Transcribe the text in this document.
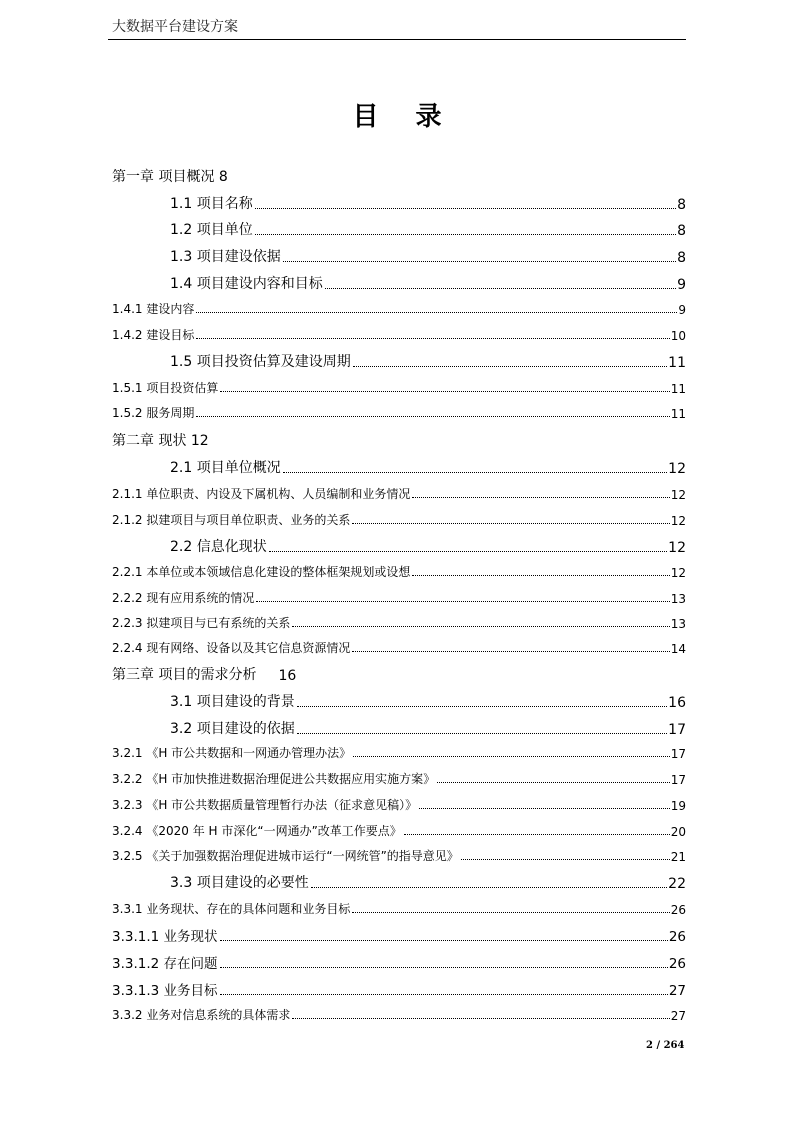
大数据平台建设方案
目 录
第一章 项目概况 8
1.1 项目名称	8
1.2 项目单位	8
1.3 项目建设依据	8
1.4 项目建设内容和目标	9
1.4.1 建设内容	9
1.4.2 建设目标	10
1.5 项目投资估算及建设周期	11
1.5.1 项目投资估算	11
1.5.2 服务周期	11
第二章 现状 12
2.1 项目单位概况	12
2.1.1 单位职责、内设及下属机构、人员编制和业务情况	12
2.1.2 拟建项目与项目单位职责、业务的关系	12
2.2 信息化现状	12
2.2.1 本单位或本领域信息化建设的整体框架规划或设想	12
2.2.2 现有应用系统的情况	13
2.2.3 拟建项目与已有系统的关系	13
2.2.4 现有网络、设备以及其它信息资源情况	14
第三章 项目的需求分析 16
3.1 项目建设的背景	16
3.2 项目建设的依据	17
3.2.1 《H 市公共数据和一网通办管理办法》	17
3.2.2 《H 市加快推进数据治理促进公共数据应用实施方案》	17
3.2.3 《H 市公共数据质量管理暂行办法（征求意见稿）》	19
3.2.4 《2020 年 H 市深化“一网通办”改革工作要点》	20
3.2.5 《关于加强数据治理促进城市运行“一网统管”的指导意见》	21
3.3 项目建设的必要性	22
3.3.1 业务现状、存在的具体问题和业务目标	26
3.3.1.1 业务现状	26
3.3.1.2 存在问题	26
3.3.1.3 业务目标	27
3.3.2 业务对信息系统的具体需求	27
2 / 264
